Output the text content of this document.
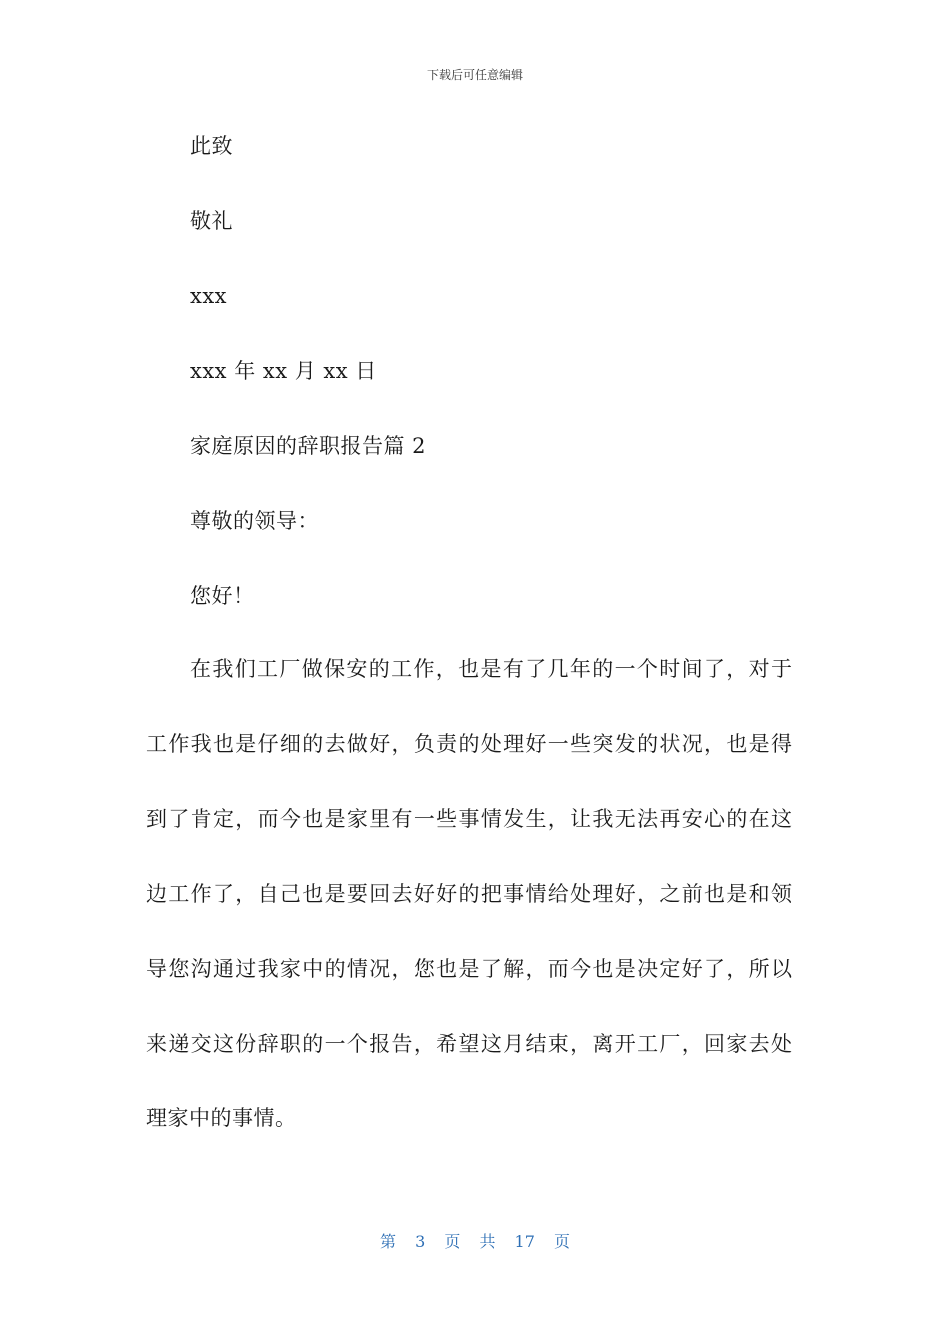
下载后可任意编辑
此致
敬礼
xxx
xxx 年 xx 月 xx 日
家庭原因的辞职报告篇 2
尊敬的领导：
您好！
在我们工厂做保安的工作，也是有了几年的一个时间了，对于
工作我也是仔细的去做好，负责的处理好一些突发的状况，也是得
到了肯定，而今也是家里有一些事情发生，让我无法再安心的在这
边工作了，自己也是要回去好好的把事情给处理好，之前也是和领
导您沟通过我家中的情况，您也是了解，而今也是决定好了，所以
来递交这份辞职的一个报告，希望这月结束，离开工厂，回家去处
理家中的事情。
第 3 页 共 17 页
